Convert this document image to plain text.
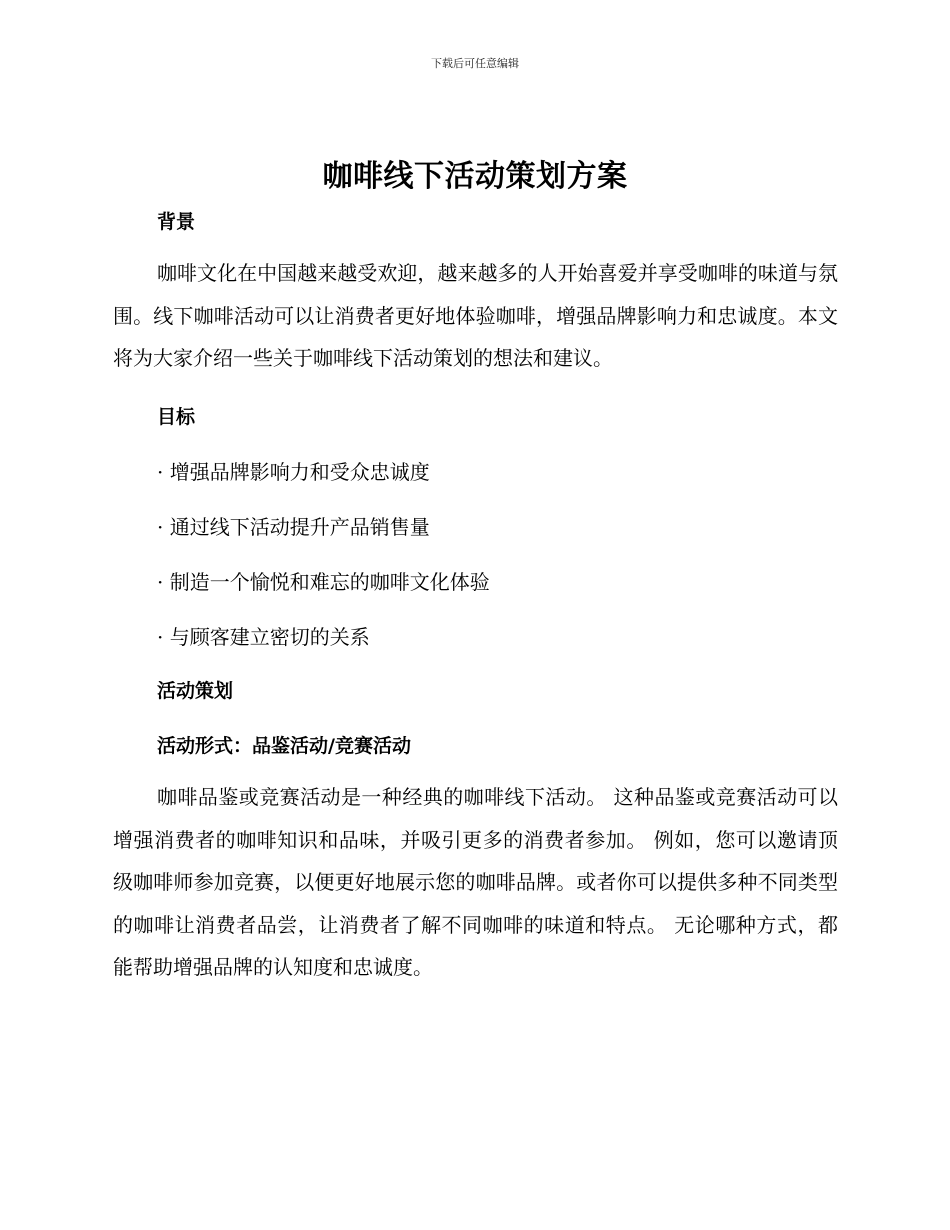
下载后可任意编辑
咖啡线下活动策划方案
背景

咖啡文化在中国越来越受欢迎，越来越多的人开始喜爱并享受咖啡的味道与氛围。线下咖啡活动可以让消费者更好地体验咖啡，增强品牌影响力和忠诚度。本文将为大家介绍一些关于咖啡线下活动策划的想法和建议。

目标

· 增强品牌影响力和受众忠诚度

· 通过线下活动提升产品销售量

· 制造一个愉悦和难忘的咖啡文化体验

· 与顾客建立密切的关系

活动策划
活动形式：品鉴活动/竞赛活动

咖啡品鉴或竞赛活动是一种经典的咖啡线下活动。 这种品鉴或竞赛活动可以增强消费者的咖啡知识和品味，并吸引更多的消费者参加。 例如，您可以邀请顶级咖啡师参加竞赛，以便更好地展示您的咖啡品牌。或者你可以提供多种不同类型的咖啡让消费者品尝，让消费者了解不同咖啡的味道和特点。 无论哪种方式，都能帮助增强品牌的认知度和忠诚度。
